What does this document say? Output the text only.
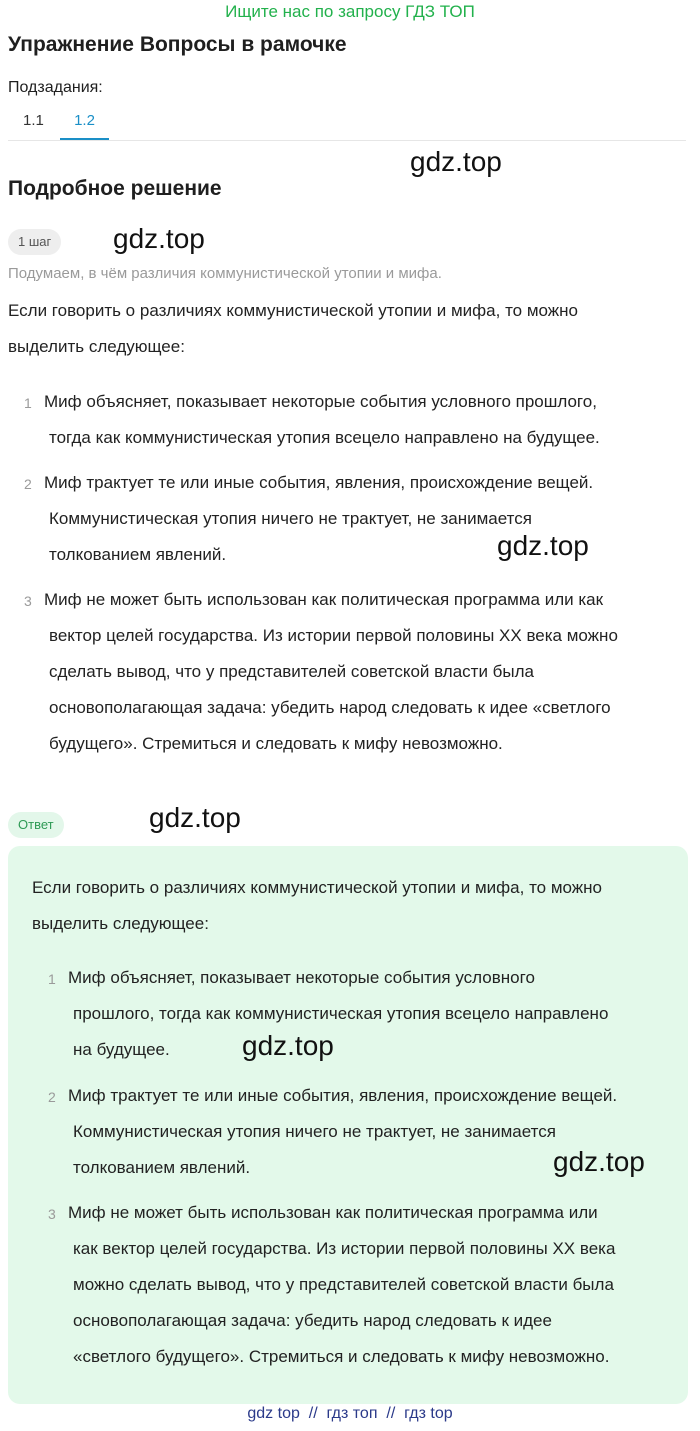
Ищите нас по запросу ГДЗ ТОП
Упражнение Вопросы в рамочке
Подзадания:
1.1	1.2
gdz.top
Подробное решение
1 шаг	gdz.top
Подумаем, в чём различия коммунистической утопии и мифа.
Если говорить о различиях коммунистической утопии и мифа, то можно
выделить следующее:
1 Миф объясняет, показывает некоторые события условного прошлого,
тогда как коммунистическая утопия всецело направлено на будущее.
2 Миф трактует те или иные события, явления, происхождение вещей.
Коммунистическая утопия ничего не трактует, не занимается
толкованием явлений.	gdz.top
3 Миф не может быть использован как политическая программа или как
вектор целей государства. Из истории первой половины XX века можно
сделать вывод, что у представителей советской власти была
основополагающая задача: убедить народ следовать к идее «светлого
будущего». Стремиться и следовать к мифу невозможно.
Ответ	gdz.top
Если говорить о различиях коммунистической утопии и мифа, то можно
выделить следующее:
1 Миф объясняет, показывает некоторые события условного
прошлого, тогда как коммунистическая утопия всецело направлено
на будущее.	gdz.top
2 Миф трактует те или иные события, явления, происхождение вещей.
Коммунистическая утопия ничего не трактует, не занимается
толкованием явлений.	gdz.top
3 Миф не может быть использован как политическая программа или
как вектор целей государства. Из истории первой половины XX века
можно сделать вывод, что у представителей советской власти была
основополагающая задача: убедить народ следовать к идее
«светлого будущего». Стремиться и следовать к мифу невозможно.
gdz top  //  гдз топ  //  гдз top
